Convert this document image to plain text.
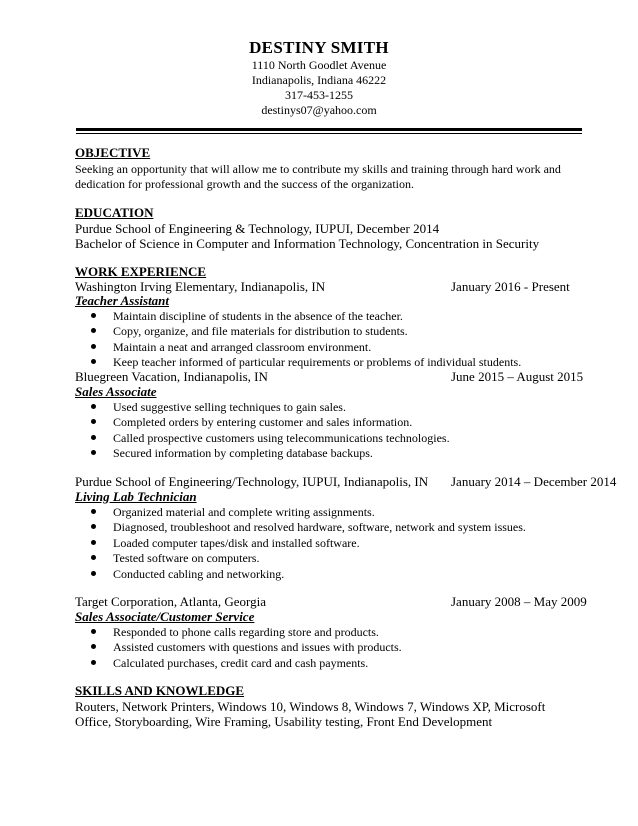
DESTINY SMITH
1110 North Goodlet Avenue
Indianapolis, Indiana 46222
317-453-1255
destinys07@yahoo.com
OBJECTIVE
Seeking an opportunity that will allow me to contribute my skills and training through hard work and
dedication for professional growth and the success of the organization.
EDUCATION
Purdue School of Engineering & Technology, IUPUI, December 2014
Bachelor of Science in Computer and Information Technology, Concentration in Security
WORK EXPERIENCE
Washington Irving Elementary, Indianapolis, IN	January 2016 - Present
Teacher Assistant
Maintain discipline of students in the absence of the teacher.
Copy, organize, and file materials for distribution to students.
Maintain a neat and arranged classroom environment.
Keep teacher informed of particular requirements or problems of individual students.
Bluegreen Vacation, Indianapolis, IN	June 2015 – August 2015
Sales Associate
Used suggestive selling techniques to gain sales.
Completed orders by entering customer and sales information.
Called prospective customers using telecommunications technologies.
Secured information by completing database backups.
Purdue School of Engineering/Technology, IUPUI, Indianapolis, IN January 2014 – December 2014
Living Lab Technician
Organized material and complete writing assignments.
Diagnosed, troubleshoot and resolved hardware, software, network and system issues.
Loaded computer tapes/disk and installed software.
Tested software on computers.
Conducted cabling and networking.
Target Corporation, Atlanta, Georgia	January 2008 – May 2009
Sales Associate/Customer Service
Responded to phone calls regarding store and products.
Assisted customers with questions and issues with products.
Calculated purchases, credit card and cash payments.
SKILLS AND KNOWLEDGE
Routers, Network Printers, Windows 10, Windows 8, Windows 7, Windows XP, Microsoft
Office, Storyboarding, Wire Framing, Usability testing, Front End Development
